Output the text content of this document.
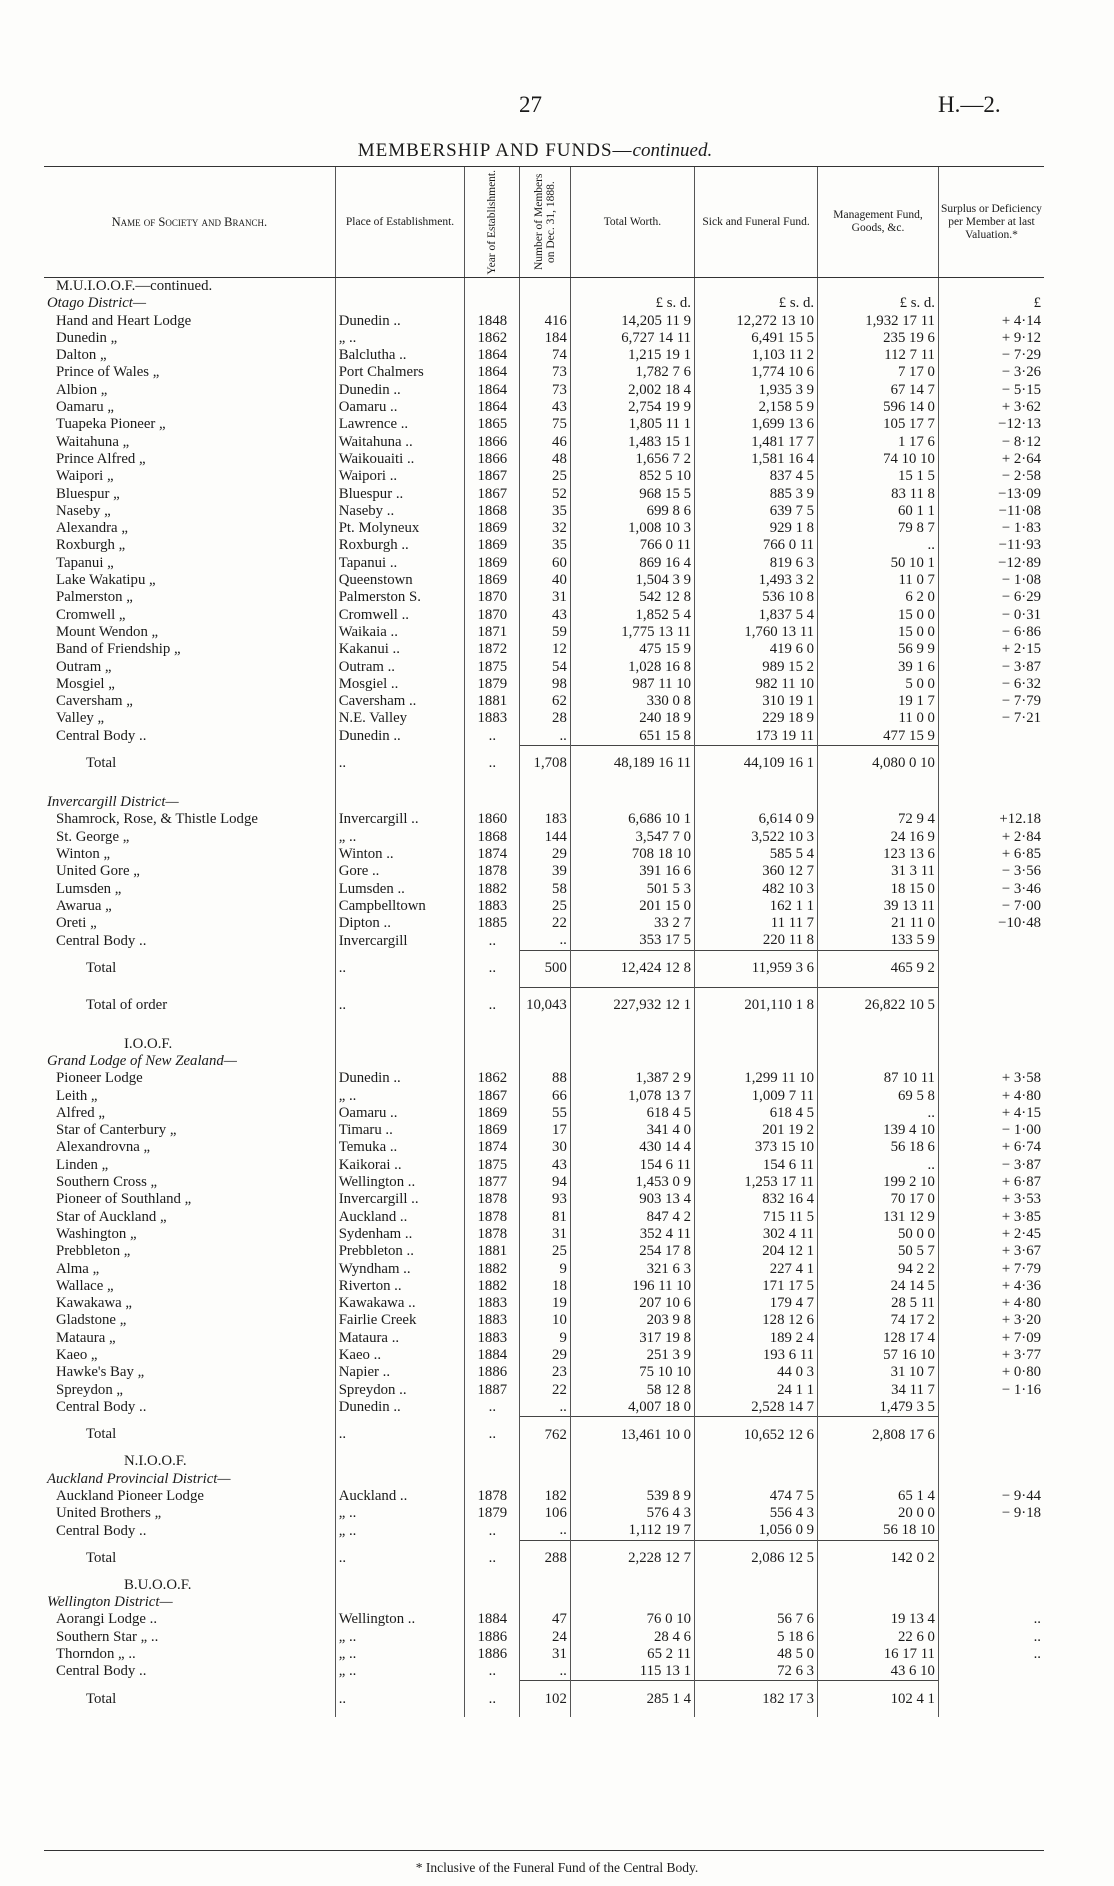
27	H.—2.
MEMBERSHIP AND FUNDS—continued.
Name of Society and Branch.	Place of Establishment.	Year of Establishment.	Number of Members on Dec. 31, 1888.	Total Worth.	Sick and Funeral Fund.	Management Fund, Goods, &c.	Surplus or Deficiency per Member at last Valuation.*
M.U.I.O.O.F.—continued.							
Otago District—				£ s. d.	£ s. d.	£ s. d.	£
Hand and Heart Lodge	Dunedin ..	1848	416	14,205 11 9	12,272 13 10	1,932 17 11	+ 4·14
Dunedin „	„ ..	1862	184	6,727 14 11	6,491 15 5	235 19 6	+ 9·12
Dalton „	Balclutha ..	1864	74	1,215 19 1	1,103 11 2	112 7 11	− 7·29
Prince of Wales „	Port Chalmers	1864	73	1,782 7 6	1,774 10 6	7 17 0	− 3·26
Albion „	Dunedin ..	1864	73	2,002 18 4	1,935 3 9	67 14 7	− 5·15
Oamaru „	Oamaru ..	1864	43	2,754 19 9	2,158 5 9	596 14 0	+ 3·62
Tuapeka Pioneer „	Lawrence ..	1865	75	1,805 11 1	1,699 13 6	105 17 7	−12·13
Waitahuna „	Waitahuna ..	1866	46	1,483 15 1	1,481 17 7	1 17 6	− 8·12
Prince Alfred „	Waikouaiti ..	1866	48	1,656 7 2	1,581 16 4	74 10 10	+ 2·64
Waipori „	Waipori ..	1867	25	852 5 10	837 4 5	15 1 5	− 2·58
Bluespur „	Bluespur ..	1867	52	968 15 5	885 3 9	83 11 8	−13·09
Naseby „	Naseby ..	1868	35	699 8 6	639 7 5	60 1 1	−11·08
Alexandra „	Pt. Molyneux	1869	32	1,008 10 3	929 1 8	79 8 7	− 1·83
Roxburgh „	Roxburgh ..	1869	35	766 0 11	766 0 11	..	−11·93
Tapanui „	Tapanui ..	1869	60	869 16 4	819 6 3	50 10 1	−12·89
Lake Wakatipu „	Queenstown	1869	40	1,504 3 9	1,493 3 2	11 0 7	− 1·08
Palmerston „	Palmerston S.	1870	31	542 12 8	536 10 8	6 2 0	− 6·29
Cromwell „	Cromwell ..	1870	43	1,852 5 4	1,837 5 4	15 0 0	− 0·31
Mount Wendon „	Waikaia ..	1871	59	1,775 13 11	1,760 13 11	15 0 0	− 6·86
Band of Friendship „	Kakanui ..	1872	12	475 15 9	419 6 0	56 9 9	+ 2·15
Outram „	Outram ..	1875	54	1,028 16 8	989 15 2	39 1 6	− 3·87
Mosgiel „	Mosgiel ..	1879	98	987 11 10	982 11 10	5 0 0	− 6·32
Caversham „	Caversham ..	1881	62	330 0 8	310 19 1	19 1 7	− 7·79
Valley „	N.E. Valley	1883	28	240 18 9	229 18 9	11 0 0	− 7·21
Central Body ..	Dunedin ..	..	..	651 15 8	173 19 11	477 15 9	
Total	..	..	1,708	48,189 16 11	44,109 16 1	4,080 0 10	

Invercargill District—							
Shamrock, Rose, & Thistle Lodge	Invercargill ..	1860	183	6,686 10 1	6,614 0 9	72 9 4	+12.18
St. George „	„ ..	1868	144	3,547 7 0	3,522 10 3	24 16 9	+ 2·84
Winton „	Winton ..	1874	29	708 18 10	585 5 4	123 13 6	+ 6·85
United Gore „	Gore ..	1878	39	391 16 6	360 12 7	31 3 11	− 3·56
Lumsden „	Lumsden ..	1882	58	501 5 3	482 10 3	18 15 0	− 3·46
Awarua „	Campbelltown	1883	25	201 15 0	162 1 1	39 13 11	− 7·00
Oreti „	Dipton ..	1885	22	33 2 7	11 11 7	21 11 0	−10·48
Central Body ..	Invercargill	..	..	353 17 5	220 11 8	133 5 9	
Total	..	..	500	12,424 12 8	11,959 3 6	465 9 2	
Total of order	..	..	10,043	227,932 12 1	201,110 1 8	26,822 10 5	

I.O.O.F.							
Grand Lodge of New Zealand—							
Pioneer Lodge	Dunedin ..	1862	88	1,387 2 9	1,299 11 10	87 10 11	+ 3·58
Leith „	„ ..	1867	66	1,078 13 7	1,009 7 11	69 5 8	+ 4·80
Alfred „	Oamaru ..	1869	55	618 4 5	618 4 5	..	+ 4·15
Star of Canterbury „	Timaru ..	1869	17	341 4 0	201 19 2	139 4 10	− 1·00
Alexandrovna „	Temuka ..	1874	30	430 14 4	373 15 10	56 18 6	+ 6·74
Linden „	Kaikorai ..	1875	43	154 6 11	154 6 11	..	− 3·87
Southern Cross „	Wellington ..	1877	94	1,453 0 9	1,253 17 11	199 2 10	+ 6·87
Pioneer of Southland „	Invercargill ..	1878	93	903 13 4	832 16 4	70 17 0	+ 3·53
Star of Auckland „	Auckland ..	1878	81	847 4 2	715 11 5	131 12 9	+ 3·85
Washington „	Sydenham ..	1878	31	352 4 11	302 4 11	50 0 0	+ 2·45
Prebbleton „	Prebbleton ..	1881	25	254 17 8	204 12 1	50 5 7	+ 3·67
Alma „	Wyndham ..	1882	9	321 6 3	227 4 1	94 2 2	+ 7·79
Wallace „	Riverton ..	1882	18	196 11 10	171 17 5	24 14 5	+ 4·36
Kawakawa „	Kawakawa ..	1883	19	207 10 6	179 4 7	28 5 11	+ 4·80
Gladstone „	Fairlie Creek	1883	10	203 9 8	128 12 6	74 17 2	+ 3·20
Mataura „	Mataura ..	1883	9	317 19 8	189 2 4	128 17 4	+ 7·09
Kaeo „	Kaeo ..	1884	29	251 3 9	193 6 11	57 16 10	+ 3·77
Hawke's Bay „	Napier ..	1886	23	75 10 10	44 0 3	31 10 7	+ 0·80
Spreydon „	Spreydon ..	1887	22	58 12 8	24 1 1	34 11 7	− 1·16
Central Body ..	Dunedin ..	..	..	4,007 18 0	2,528 14 7	1,479 3 5	
Total	..	..	762	13,461 10 0	10,652 12 6	2,808 17 6	
N.I.O.O.F.							
Auckland Provincial District—							
Auckland Pioneer Lodge	Auckland ..	1878	182	539 8 9	474 7 5	65 1 4	− 9·44
United Brothers „	„ ..	1879	106	576 4 3	556 4 3	20 0 0	− 9·18
Central Body ..	„ ..	..	..	1,112 19 7	1,056 0 9	56 18 10	
Total	..	..	288	2,228 12 7	2,086 12 5	142 0 2	
B.U.O.O.F.							
Wellington District—							
Aorangi Lodge ..	Wellington ..	1884	47	76 0 10	56 7 6	19 13 4	..
Southern Star „ ..	„ ..	1886	24	28 4 6	5 18 6	22 6 0	..
Thorndon „ ..	„ ..	1886	31	65 2 11	48 5 0	16 17 11	..
Central Body ..	„ ..	..	..	115 13 1	72 6 3	43 6 10	
Total	..	..	102	285 1 4	182 17 3	102 4 1	
* Inclusive of the Funeral Fund of the Central Body.
